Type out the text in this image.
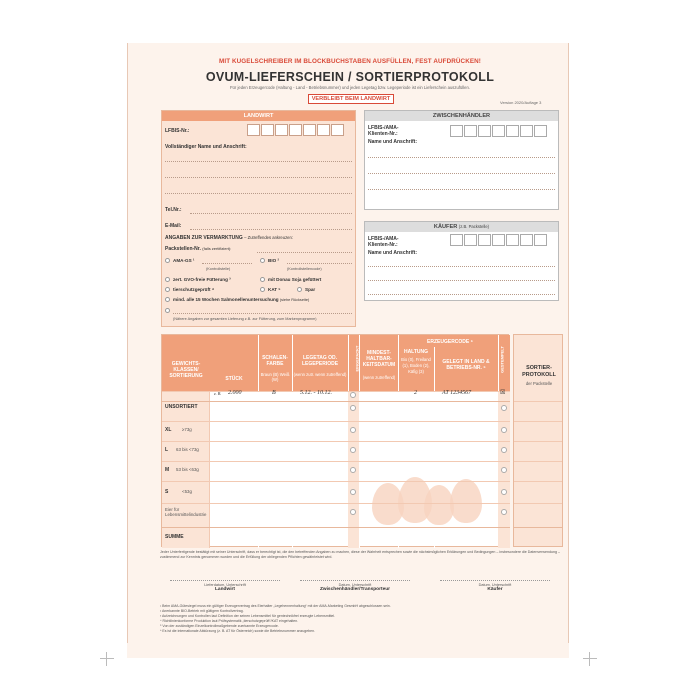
MIT KUGELSCHREIBER IM BLOCKBUCHSTABEN AUSFÜLLEN, FEST AUFDRÜCKEN!
OVUM-LIEFERSCHEIN / SORTIERPROTOKOLL
Für jeden Erzeugercode (Haltung - Land - Betriebsnummer) und jeden Legetag bzw. Legeperiode ist ein Lieferschein auszufüllen.
VERBLEIBT BEIM LANDWIRT
Version 2020/Auflage 3
LANDWIRT
LFBIS-Nr.:
Vollständiger Name und Anschrift:
Tel.Nr.:
E-Mail:
ANGABEN ZUR VERMARKTUNG – Zutreffendes ankreuzen:
Packstellen-Nr. (falls zertifiziert):
AMA-GS ¹	BIO ²
(Kontrollstelle)	(Kontrollstellencode)
zert. GVO-freie Fütterung ³	mit Donau Soja gefüttert
tierschutzgeprüft ⁴	KAT ⁵	Spar
mind. alle 15 Wochen Salmonellenuntersuchung (siehe Rückseite)
(Nähere Angaben zur gesamten Lieferung z.B. zur Fütterung, zum Markenprogramm)
ZWISCHENHÄNDLER
LFBIS-/AMA-Klienten-Nr.:
Name und Anschrift:
KÄUFER (z.B. Packstelle)
LFBIS-/AMA-Klienten-Nr.:
Name und Anschrift:
GEWICHTS-KLASSEN/ SORTIERUNG	STÜCK
SCHALEN-FARBE
Braun (B) Weiß (W)
LEGETAG OD. LEGEPERIODE
(wenn zutr. wenn zutreffend)
EINGEPACKT	MINDEST-HALTBAR-KEITSDATUM
(wenn zutreffend)
ERZEUGERCODE ⁶
HALTUNG
Bio (0), Freiland (1), Boden (2), Käfig (3)
GELEGT IN LAND & BETRIEBS-NR. ⁶	GESTEMPELT
z. B. 2.000	B	5.12. - 10.12.	2	AT 1234567	☒
UNSORTIERT
XL ≥73g
L 63 bis <73g
M 53 bis <63g
S	<53g
Eier für Lebensmittelindustrie
SUMME
SORTIER-PROTOKOLL
der Packstelle
Jeder Unterfertigende bestätigt mit seiner Unterschrift, dass er berechtigt ist, die den betreffenden Angaben zu machen, diese der Wahrheit entsprechen sowie die nächstmöglichen Erklärungen und Bedingungen – insbesondere die Datenverwendung – zustimmend zur Kenntnis genommen wurden und die Erfüllung der obliegenden Pflichten gewährleistet wird.
Lieferdatum, Unterschrift
Landwirt
Datum, Unterschrift
Zwischenhändler/Transporteur
Datum, Unterschrift
Käufer
¹ Beim AMA-Gütesiegel muss ein gültiger Erzeugervertrag des Eierhalter „Legehennenhaltung“ mit der AMA-Marketing GesmbH abgeschlossen sein.
² Anerkannte BIO-Betrieb mit gültigem Kontrollvertrag.
³ Aufzeichnungen und Kontrollen laut Definition der seinen Lebensmittel für gentechnikfrei erzeugte Lebensmittel.
⁴ Richtlinienkonforme Produktion laut Prüfsystematik „tierschutzgeprüft“/KAT eingehalten.
⁵ Von der zuständigen Einzelkontrollmaßgebende zuerkannte Erzeugercode.
⁶ Es ist die internationale Abkürzung (z. B. AT für Österreich) sowie die Betriebsnummer anzugeben.
